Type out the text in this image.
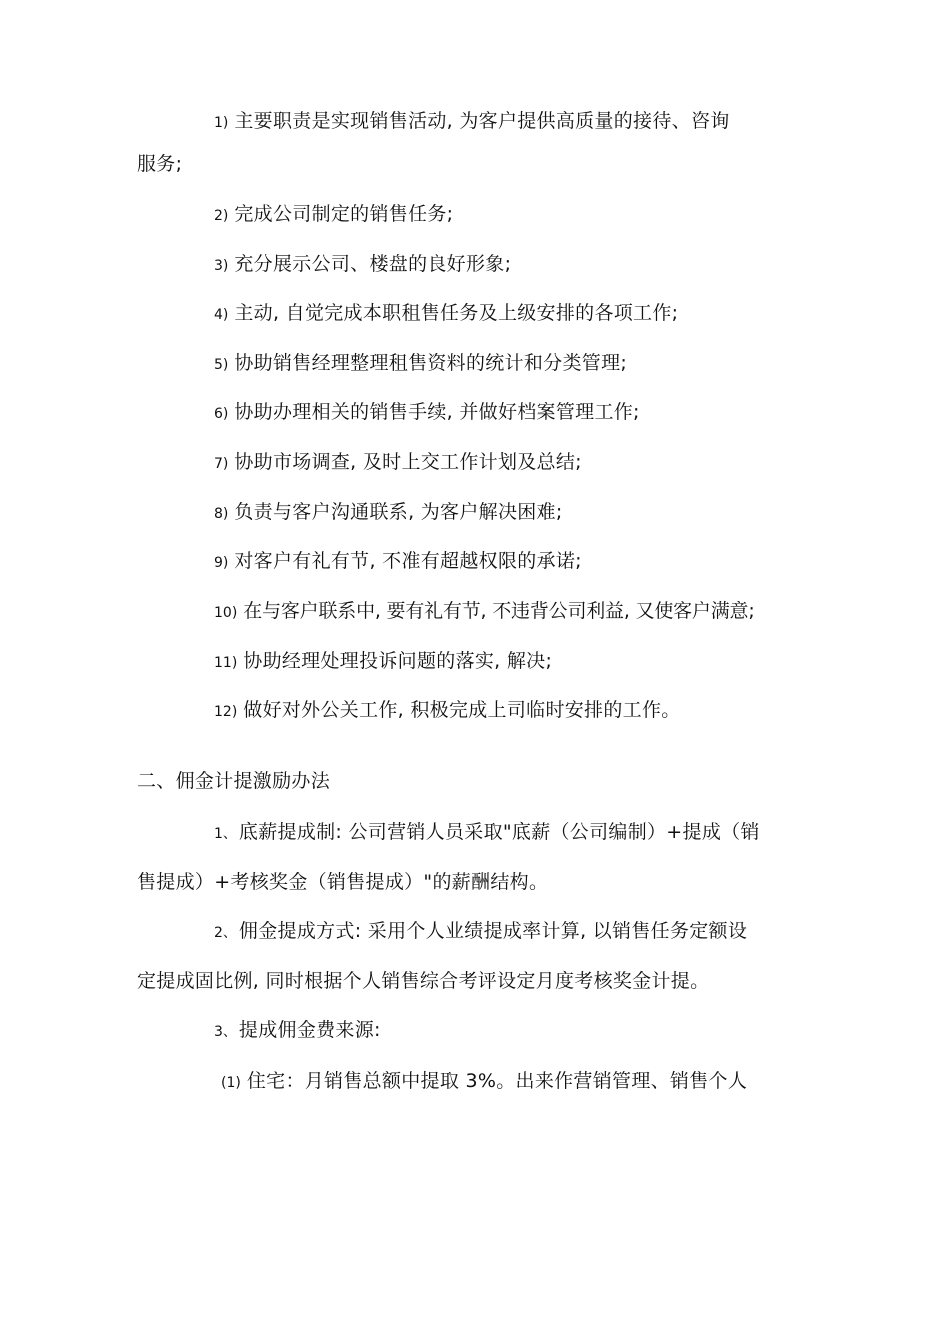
1) 主要职责是实现销售活动, 为客户提供高质量的接待、咨询
服务;
2) 完成公司制定的销售任务;
3) 充分展示公司、楼盘的良好形象;
4) 主动, 自觉完成本职租售任务及上级安排的各项工作;
5) 协助销售经理整理租售资料的统计和分类管理;
6) 协助办理相关的销售手续, 并做好档案管理工作;
7) 协助市场调查, 及时上交工作计划及总结;
8) 负责与客户沟通联系, 为客户解决困难;
9) 对客户有礼有节, 不准有超越权限的承诺;
10) 在与客户联系中, 要有礼有节, 不违背公司利益, 又使客户满意;
11) 协助经理处理投诉问题的落实, 解决;
12) 做好对外公关工作, 积极完成上司临时安排的工作。
二、佣金计提激励办法
1、 底薪提成制: 公司营销人员采取"底薪（公司编制）+提成（销
售提成）+考核奖金（销售提成）"的薪酬结构。
2、 佣金提成方式: 采用个人业绩提成率计算, 以销售任务定额设
定提成固比例, 同时根据个人销售综合考评设定月度考核奖金计提。
3、 提成佣金费来源:
(1) 住宅：月销售总额中提取 3%。出来作营销管理、销售个人
